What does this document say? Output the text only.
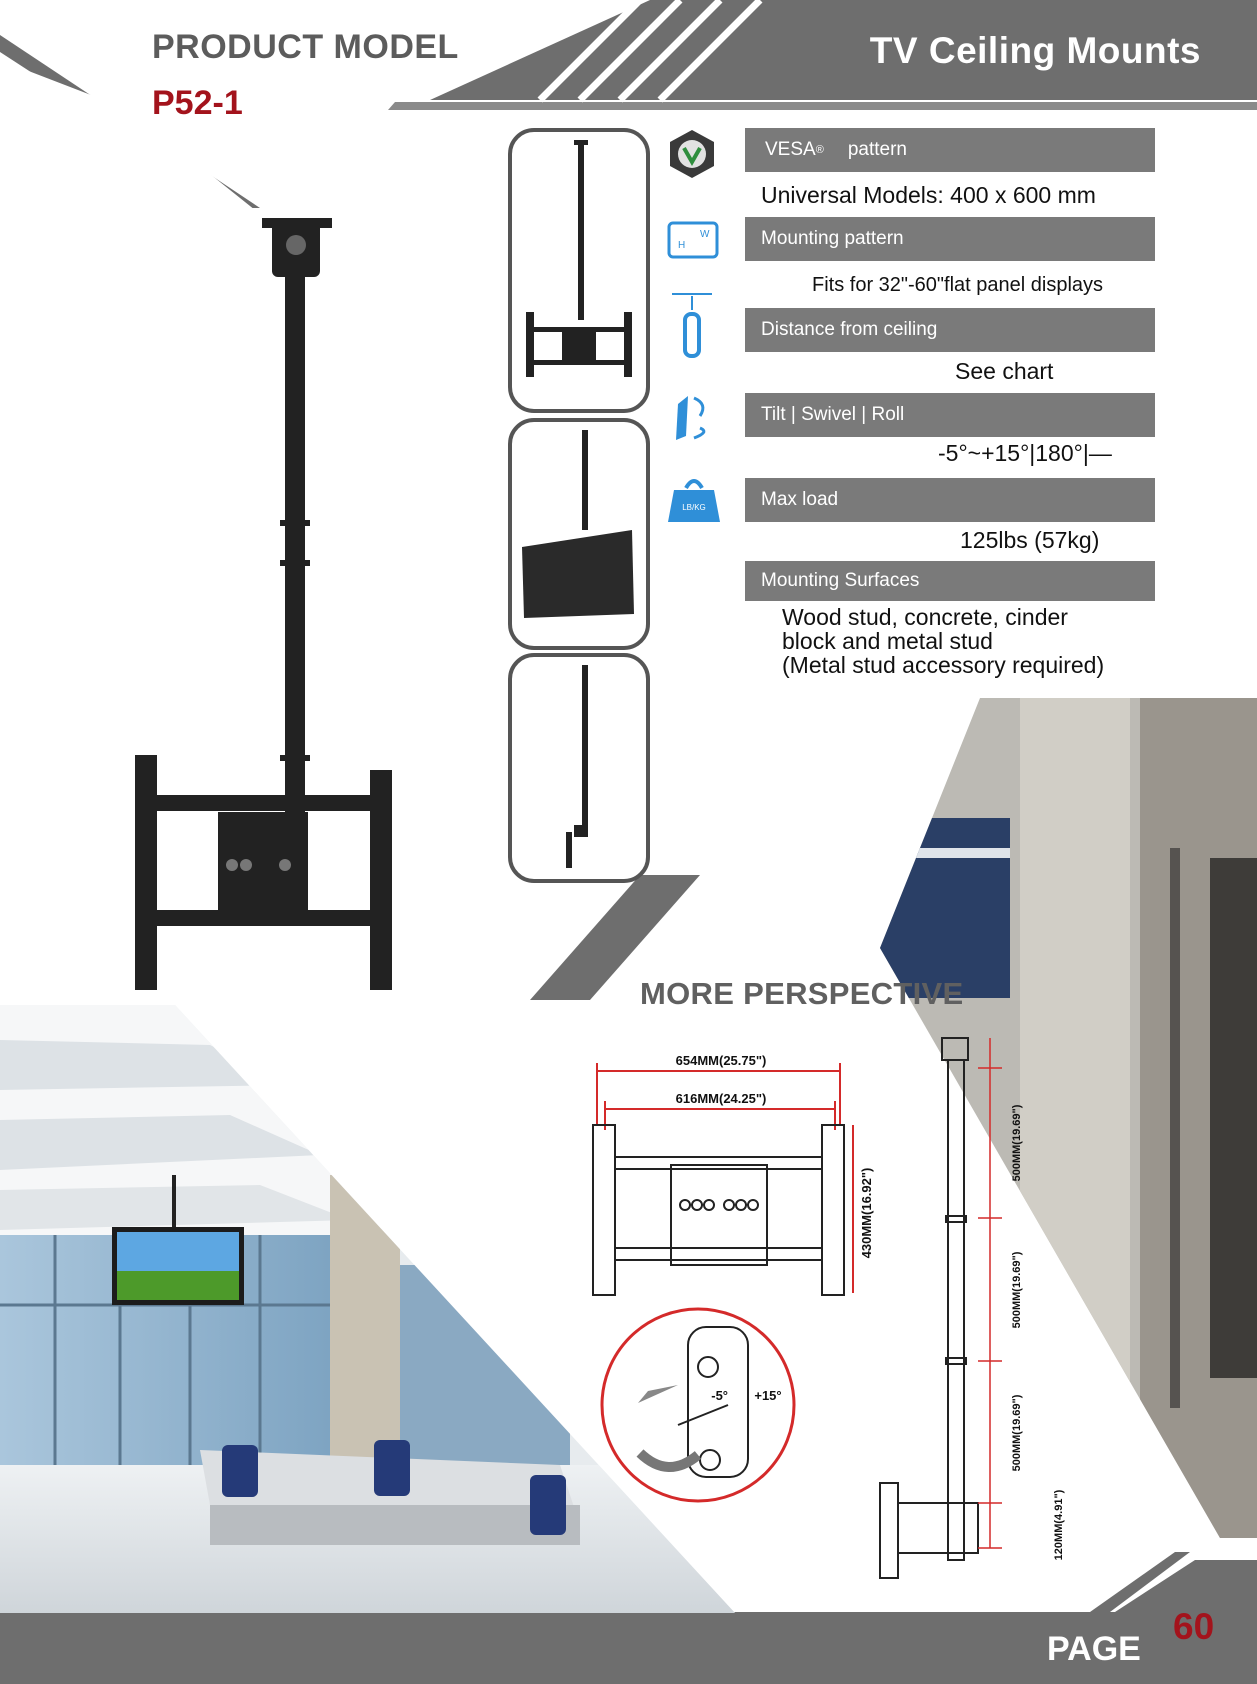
PRODUCT MODEL
P52-1
TV Ceiling Mounts
H
W
LB/KG
VESA ® pattern
Universal Models: 400 x 600 mm
Mounting pattern
Fits for 32"-60"flat panel displays
Distance from ceiling
See chart
Tilt | Swivel | Roll
-5°~+15°|180°|—
Max load
125lbs (57kg)
Mounting Surfaces
Wood stud, concrete, cinder
block and metal stud
(Metal stud accessory required)
MORE PERSPECTIVE
654MM(25.75")
616MM(24.25")
430MM(16.92")
-5° +15°
500MM(19.69")
500MM(19.69")
500MM(19.69")
120MM(4.91")
PAGE
60
